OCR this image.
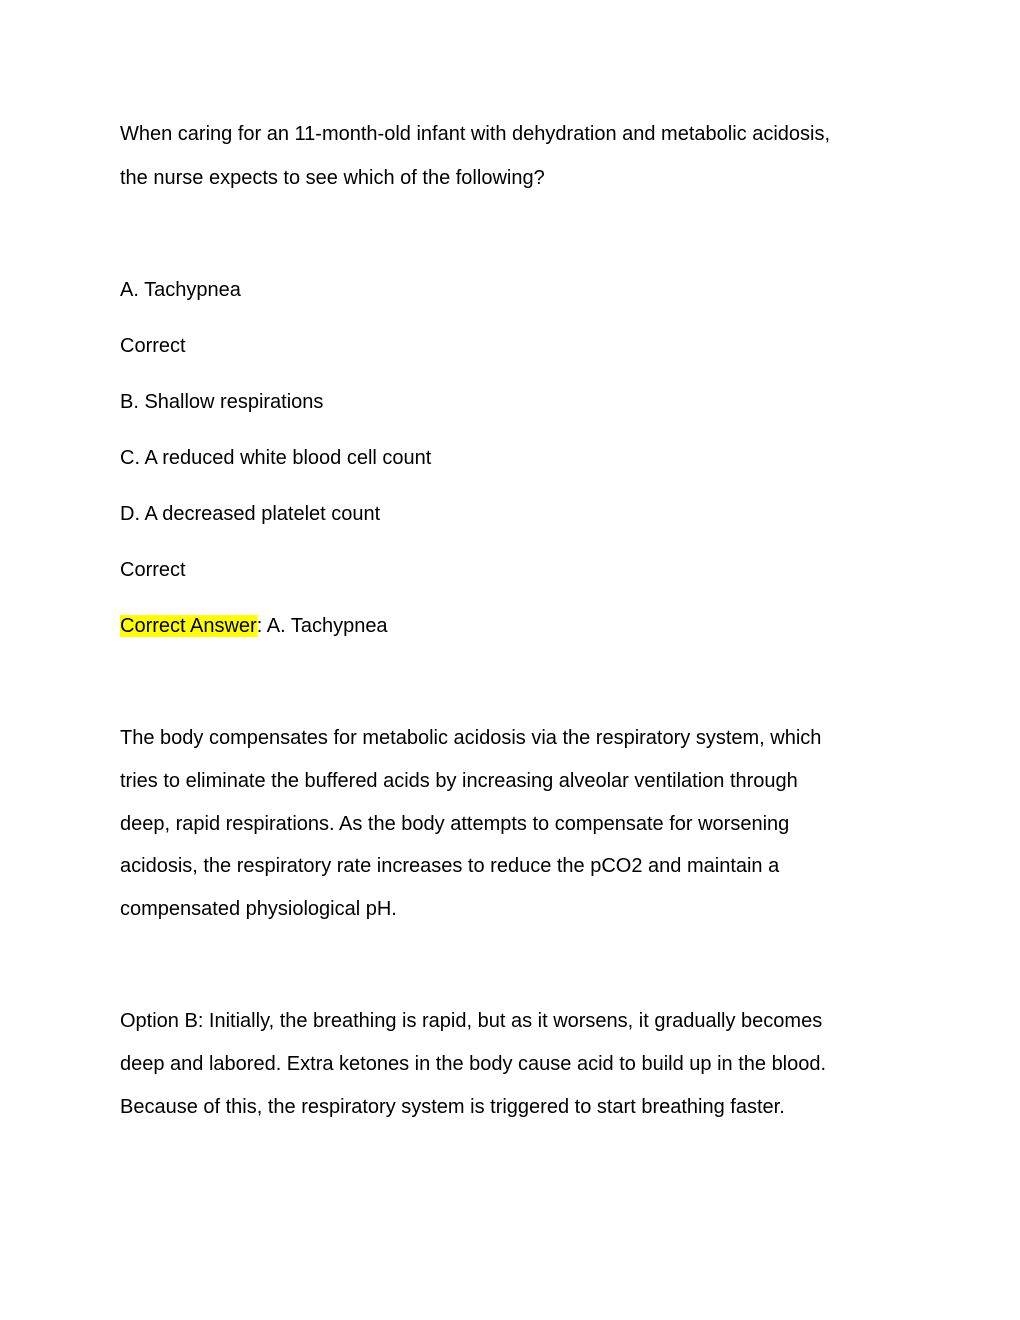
When caring for an 11-month-old infant with dehydration and metabolic acidosis,
the nurse expects to see which of the following?
A. Tachypnea
Correct
B. Shallow respirations
C. A reduced white blood cell count
D. A decreased platelet count
Correct
Correct Answer: A. Tachypnea
The body compensates for metabolic acidosis via the respiratory system, which
tries to eliminate the buffered acids by increasing alveolar ventilation through
deep, rapid respirations. As the body attempts to compensate for worsening
acidosis, the respiratory rate increases to reduce the pCO2 and maintain a
compensated physiological pH.
Option B: Initially, the breathing is rapid, but as it worsens, it gradually becomes
deep and labored. Extra ketones in the body cause acid to build up in the blood.
Because of this, the respiratory system is triggered to start breathing faster.
